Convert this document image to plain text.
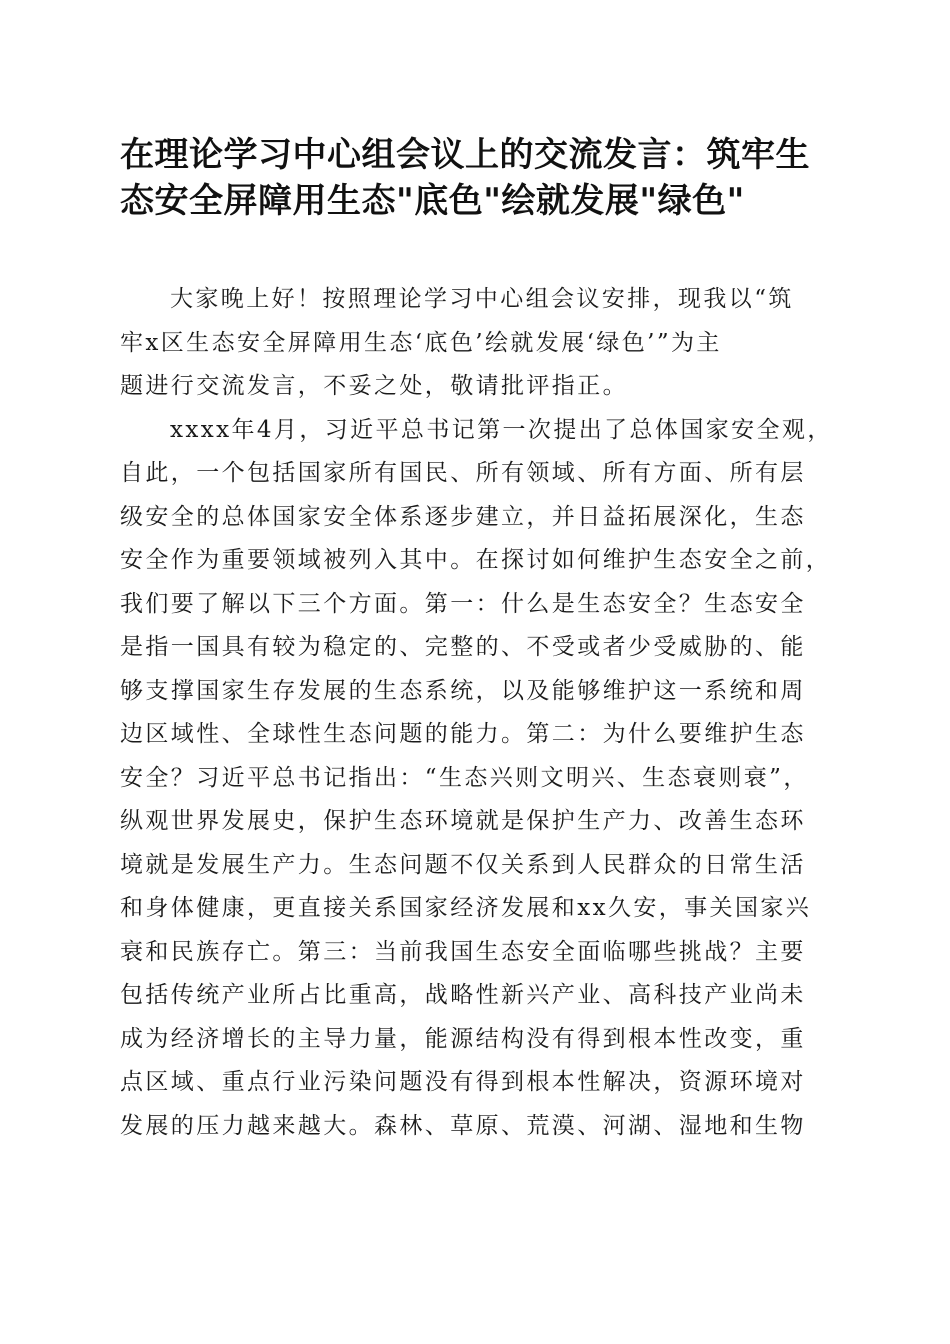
在理论学习中心组会议上的交流发言：筑牢生
态安全屏障用生态"底色"绘就发展"绿色"
大家晚上好！按照理论学习中心组会议安排，现我以“筑
牢x区生态安全屏障用生态‘底色’绘就发展‘绿色’”为主
题进行交流发言，不妥之处，敬请批评指正。
xxxx年4月，习近平总书记第一次提出了总体国家安全观，
自此，一个包括国家所有国民、所有领域、所有方面、所有层
级安全的总体国家安全体系逐步建立，并日益拓展深化，生态
安全作为重要领域被列入其中。在探讨如何维护生态安全之前，
我们要了解以下三个方面。第一：什么是生态安全？生态安全
是指一国具有较为稳定的、完整的、不受或者少受威胁的、能
够支撑国家生存发展的生态系统，以及能够维护这一系统和周
边区域性、全球性生态问题的能力。第二：为什么要维护生态
安全？习近平总书记指出：“生态兴则文明兴、生态衰则衰”，
纵观世界发展史，保护生态环境就是保护生产力、改善生态环
境就是发展生产力。生态问题不仅关系到人民群众的日常生活
和身体健康，更直接关系国家经济发展和xx久安，事关国家兴
衰和民族存亡。第三：当前我国生态安全面临哪些挑战？主要
包括传统产业所占比重高，战略性新兴产业、高科技产业尚未
成为经济增长的主导力量，能源结构没有得到根本性改变，重
点区域、重点行业污染问题没有得到根本性解决，资源环境对
发展的压力越来越大。森林、草原、荒漠、河湖、湿地和生物
